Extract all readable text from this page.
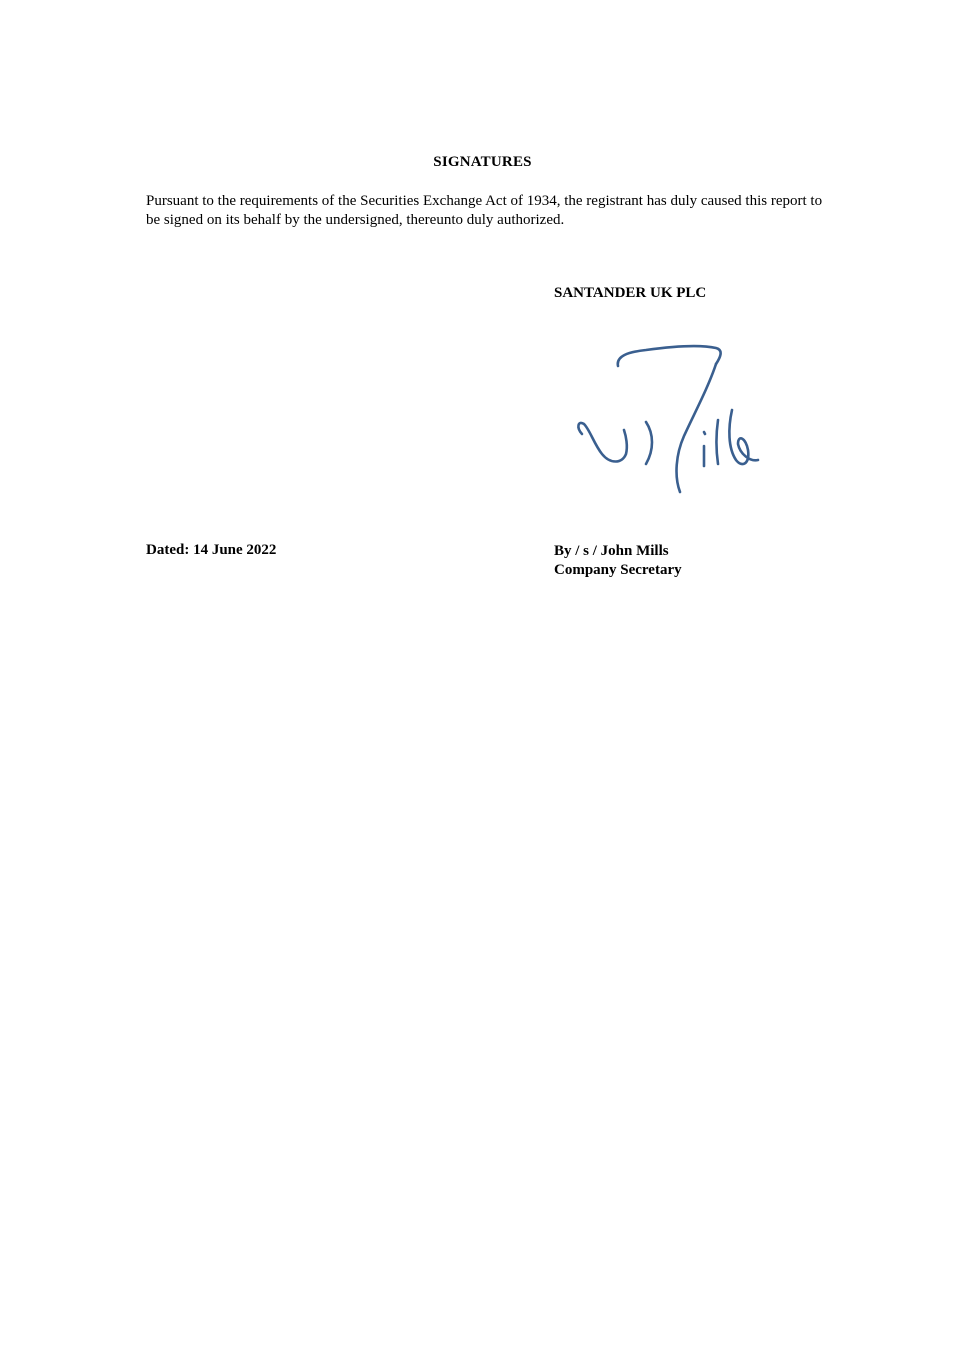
SIGNATURES
Pursuant to the requirements of the Securities Exchange Act of 1934, the registrant has duly caused this report to be signed on its behalf by the undersigned, thereunto duly authorized.
SANTANDER UK PLC
Dated: 14 June 2022	By / s / John Mills
Company Secretary
